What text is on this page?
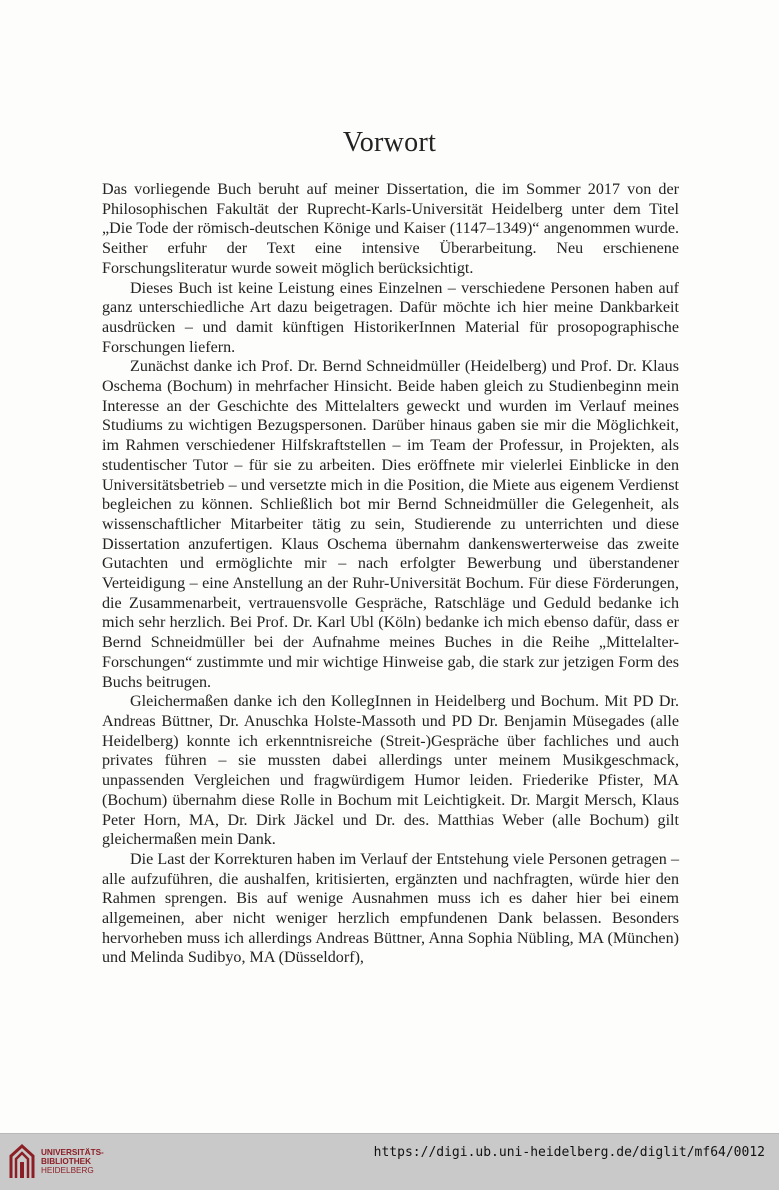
Vorwort

Das vorliegende Buch beruht auf meiner Dissertation, die im Sommer 2017 von der Philosophischen Fakultät der Ruprecht-Karls-Universität Heidelberg unter dem Titel „Die Tode der römisch-deutschen Könige und Kaiser (1147–1349)“ angenommen wurde. Seither erfuhr der Text eine intensive Überarbeitung. Neu erschienene Forschungsliteratur wurde soweit möglich berücksichtigt.

Dieses Buch ist keine Leistung eines Einzelnen – verschiedene Personen haben auf ganz unterschiedliche Art dazu beigetragen. Dafür möchte ich hier meine Dankbarkeit ausdrücken – und damit künftigen HistorikerInnen Material für prosopographische Forschungen liefern.

Zunächst danke ich Prof. Dr. Bernd Schneidmüller (Heidelberg) und Prof. Dr. Klaus Oschema (Bochum) in mehrfacher Hinsicht. Beide haben gleich zu Studienbeginn mein Interesse an der Geschichte des Mittelalters geweckt und wurden im Verlauf meines Studiums zu wichtigen Bezugspersonen. Darüber hinaus gaben sie mir die Möglichkeit, im Rahmen verschiedener Hilfskraftstellen – im Team der Professur, in Projekten, als studentischer Tutor – für sie zu arbeiten. Dies eröffnete mir vielerlei Einblicke in den Universitätsbetrieb – und versetzte mich in die Position, die Miete aus eigenem Verdienst begleichen zu können. Schließlich bot mir Bernd Schneidmüller die Gelegenheit, als wissenschaftlicher Mitarbeiter tätig zu sein, Studierende zu unterrichten und diese Dissertation anzufertigen. Klaus Oschema übernahm dankenswerterweise das zweite Gutachten und ermöglichte mir – nach erfolgter Bewerbung und überstandener Verteidigung – eine Anstellung an der Ruhr-Universität Bochum. Für diese Förderungen, die Zusammenarbeit, vertrauensvolle Gespräche, Ratschläge und Geduld bedanke ich mich sehr herzlich. Bei Prof. Dr. Karl Ubl (Köln) bedanke ich mich ebenso dafür, dass er Bernd Schneidmüller bei der Aufnahme meines Buches in die Reihe „Mittelalter-Forschungen“ zustimmte und mir wichtige Hinweise gab, die stark zur jetzigen Form des Buchs beitrugen.

Gleichermaßen danke ich den KollegInnen in Heidelberg und Bochum. Mit PD Dr. Andreas Büttner, Dr. Anuschka Holste-Massoth und PD Dr. Benjamin Müsegades (alle Heidelberg) konnte ich erkenntnisreiche (Streit-)Gespräche über fachliches und auch privates führen – sie mussten dabei allerdings unter meinem Musikgeschmack, unpassenden Vergleichen und fragwürdigem Humor leiden. Friederike Pfister, MA (Bochum) übernahm diese Rolle in Bochum mit Leichtigkeit. Dr. Margit Mersch, Klaus Peter Horn, MA, Dr. Dirk Jäckel und Dr. des. Matthias Weber (alle Bochum) gilt gleichermaßen mein Dank.

Die Last der Korrekturen haben im Verlauf der Entstehung viele Personen getragen – alle aufzuführen, die aushalfen, kritisierten, ergänzten und nachfragten, würde hier den Rahmen sprengen. Bis auf wenige Ausnahmen muss ich es daher hier bei einem allgemeinen, aber nicht weniger herzlich empfundenen Dank belassen. Besonders hervorheben muss ich allerdings Andreas Büttner, Anna Sophia Nübling, MA (München) und Melinda Sudibyo, MA (Düsseldorf),

UNIVERSITÄTS-
BIBLIOTHEK
HEIDELBERG
https://digi.ub.uni-heidelberg.de/diglit/mf64/0012
